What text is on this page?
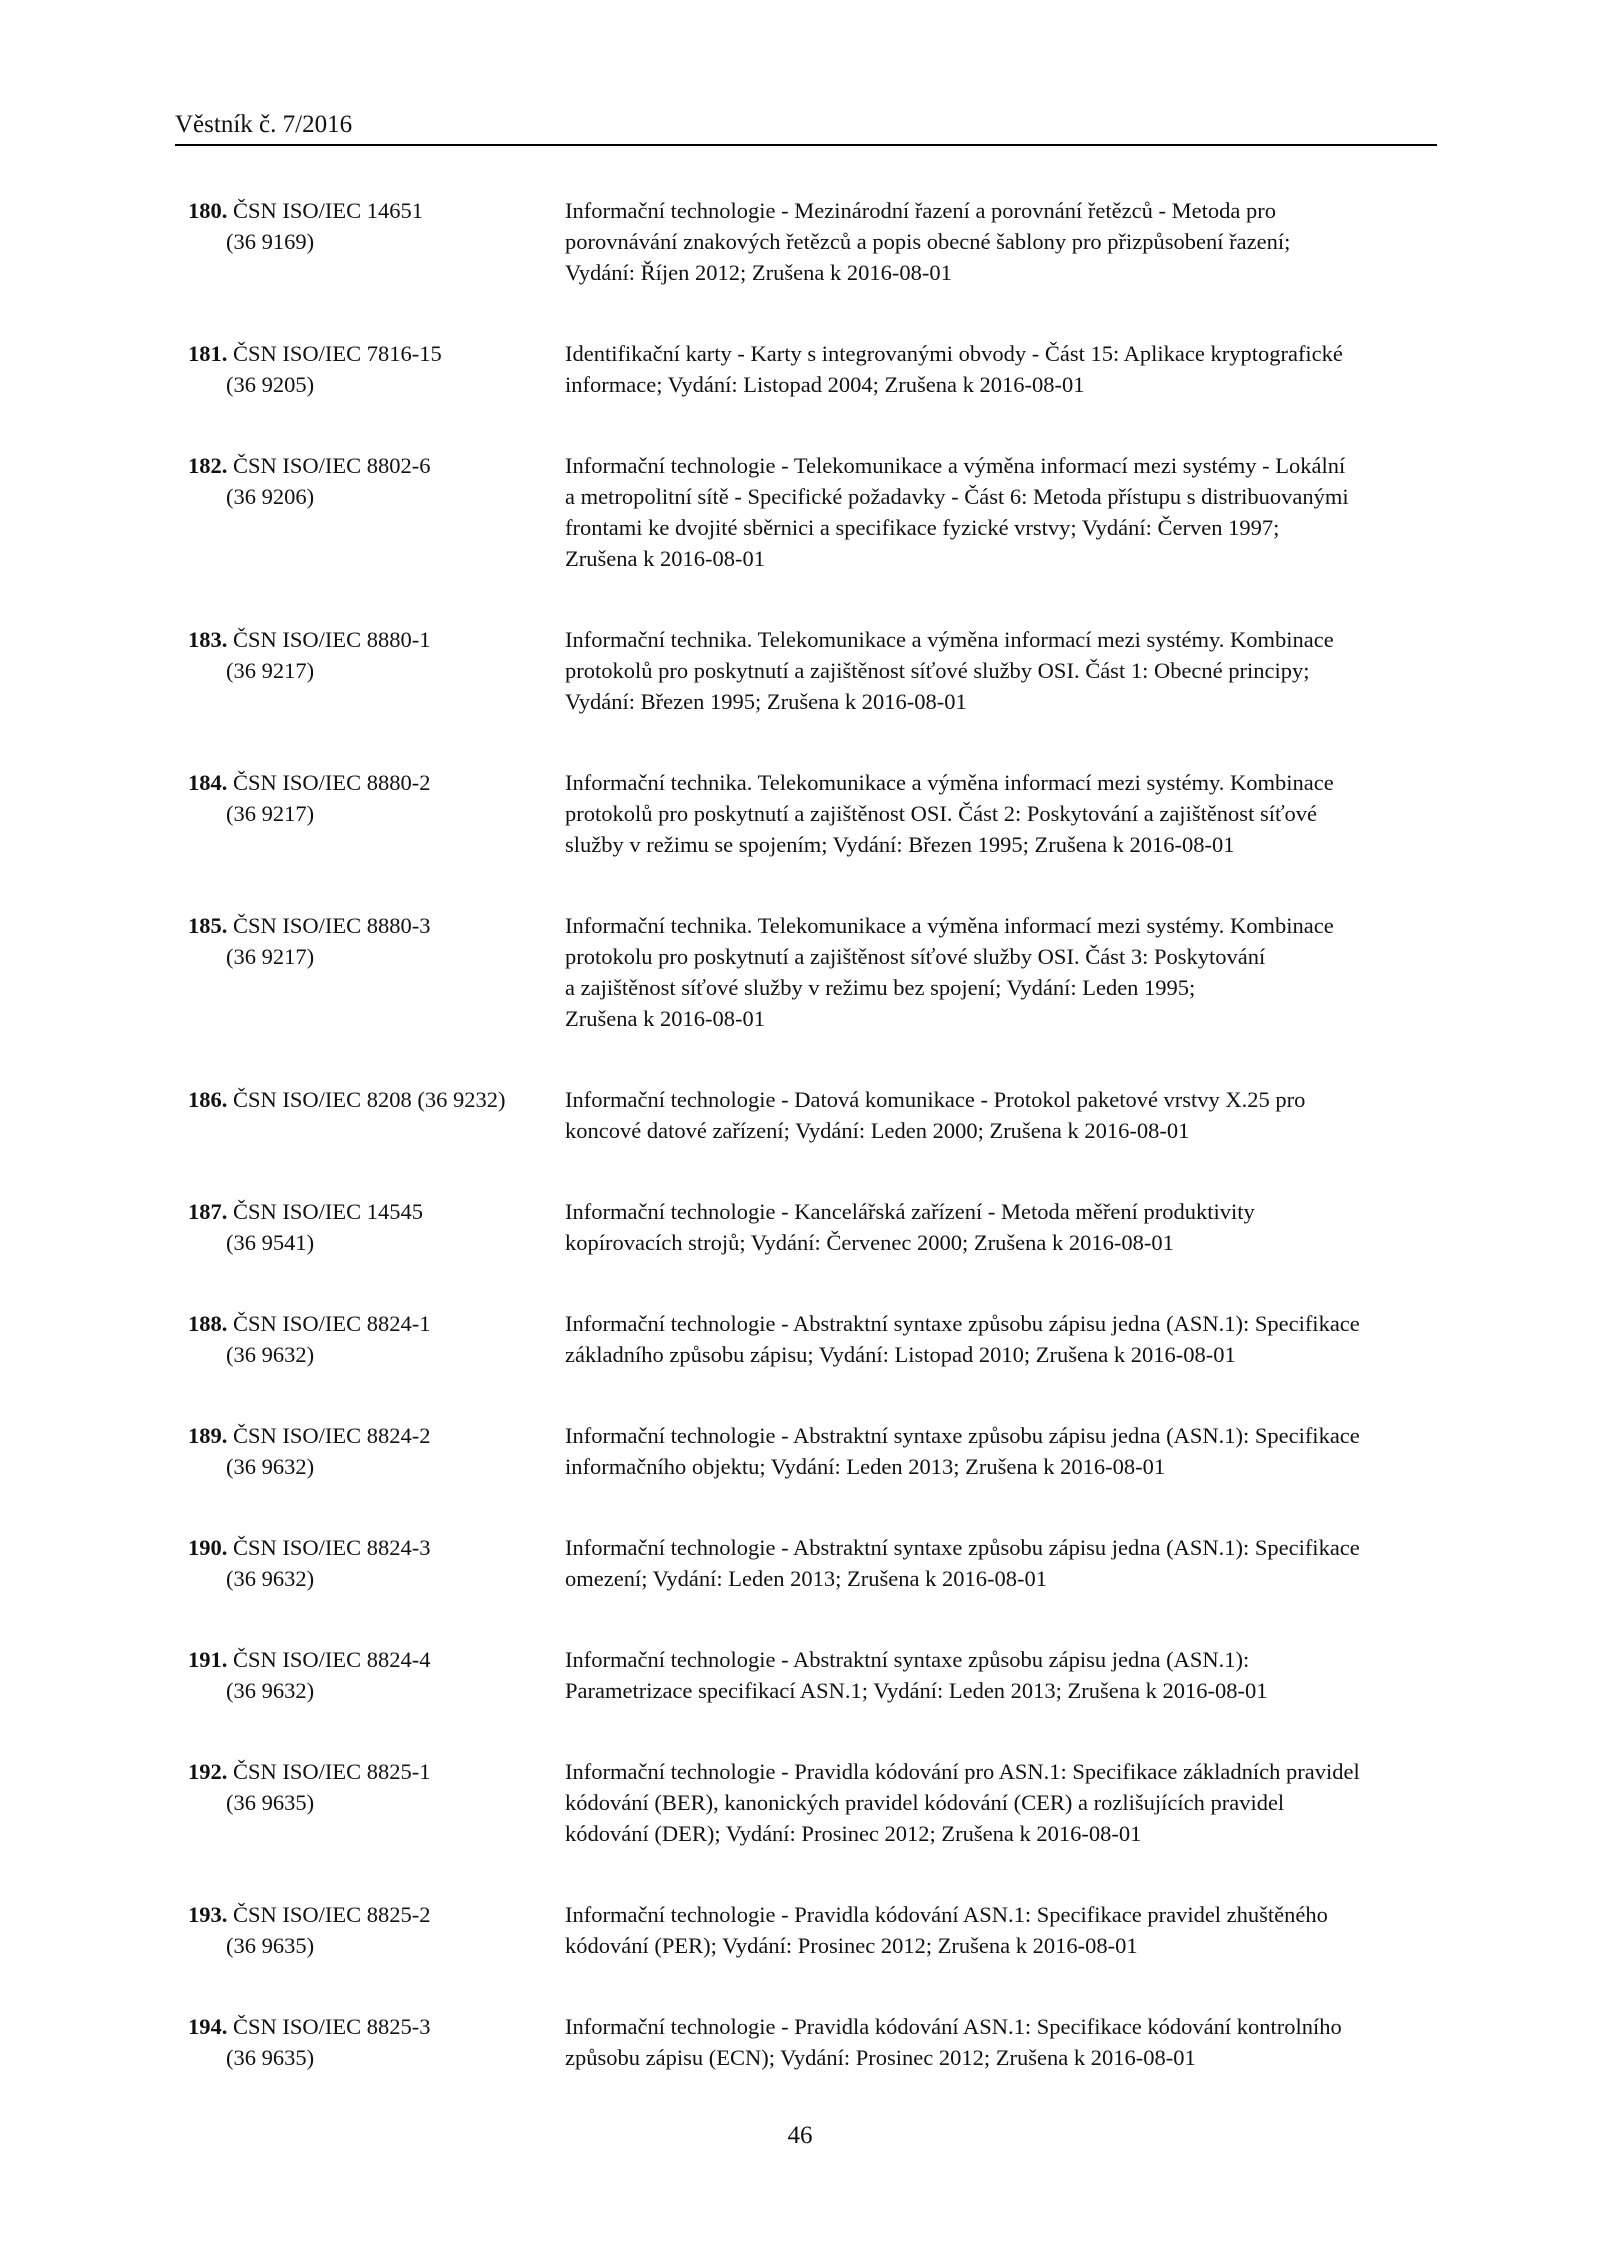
Věstník č. 7/2016
180. ČSN ISO/IEC 14651
(36 9169)
Informační technologie - Mezinárodní řazení a porovnání řetězců - Metoda pro
porovnávání znakových řetězců a popis obecné šablony pro přizpůsobení řazení;
Vydání: Říjen 2012; Zrušena k 2016-08-01
181. ČSN ISO/IEC 7816-15
(36 9205)
Identifikační karty - Karty s integrovanými obvody - Část 15: Aplikace kryptografické
informace; Vydání: Listopad 2004; Zrušena k 2016-08-01
182. ČSN ISO/IEC 8802-6
(36 9206)
Informační technologie - Telekomunikace a výměna informací mezi systémy - Lokální
a metropolitní sítě - Specifické požadavky - Část 6: Metoda přístupu s distribuovanými
frontami ke dvojité sběrnici a specifikace fyzické vrstvy; Vydání: Červen 1997;
Zrušena k 2016-08-01
183. ČSN ISO/IEC 8880-1
(36 9217)
Informační technika. Telekomunikace a výměna informací mezi systémy. Kombinace
protokolů pro poskytnutí a zajištěnost síťové služby OSI. Část 1: Obecné principy;
Vydání: Březen 1995; Zrušena k 2016-08-01
184. ČSN ISO/IEC 8880-2
(36 9217)
Informační technika. Telekomunikace a výměna informací mezi systémy. Kombinace
protokolů pro poskytnutí a zajištěnost OSI. Část 2: Poskytování a zajištěnost síťové
služby v režimu se spojením; Vydání: Březen 1995; Zrušena k 2016-08-01
185. ČSN ISO/IEC 8880-3
(36 9217)
Informační technika. Telekomunikace a výměna informací mezi systémy. Kombinace
protokolu pro poskytnutí a zajištěnost síťové služby OSI. Část 3: Poskytování
a zajištěnost síťové služby v režimu bez spojení; Vydání: Leden 1995;
Zrušena k 2016-08-01
186. ČSN ISO/IEC 8208 (36 9232)	Informační technologie - Datová komunikace - Protokol paketové vrstvy X.25 pro
koncové datové zařízení; Vydání: Leden 2000; Zrušena k 2016-08-01
187. ČSN ISO/IEC 14545
(36 9541)
Informační technologie - Kancelářská zařízení - Metoda měření produktivity
kopírovacích strojů; Vydání: Červenec 2000; Zrušena k 2016-08-01
188. ČSN ISO/IEC 8824-1
(36 9632)
Informační technologie - Abstraktní syntaxe způsobu zápisu jedna (ASN.1): Specifikace
základního způsobu zápisu; Vydání: Listopad 2010; Zrušena k 2016-08-01
189. ČSN ISO/IEC 8824-2
(36 9632)
Informační technologie - Abstraktní syntaxe způsobu zápisu jedna (ASN.1): Specifikace
informačního objektu; Vydání: Leden 2013; Zrušena k 2016-08-01
190. ČSN ISO/IEC 8824-3
(36 9632)
Informační technologie - Abstraktní syntaxe způsobu zápisu jedna (ASN.1): Specifikace
omezení; Vydání: Leden 2013; Zrušena k 2016-08-01
191. ČSN ISO/IEC 8824-4
(36 9632)
Informační technologie - Abstraktní syntaxe způsobu zápisu jedna (ASN.1):
Parametrizace specifikací ASN.1; Vydání: Leden 2013; Zrušena k 2016-08-01
192. ČSN ISO/IEC 8825-1
(36 9635)
Informační technologie - Pravidla kódování pro ASN.1: Specifikace základních pravidel
kódování (BER), kanonických pravidel kódování (CER) a rozlišujících pravidel
kódování (DER); Vydání: Prosinec 2012; Zrušena k 2016-08-01
193. ČSN ISO/IEC 8825-2
(36 9635)
Informační technologie - Pravidla kódování ASN.1: Specifikace pravidel zhuštěného
kódování (PER); Vydání: Prosinec 2012; Zrušena k 2016-08-01
194. ČSN ISO/IEC 8825-3
(36 9635)
Informační technologie - Pravidla kódování ASN.1: Specifikace kódování kontrolního
způsobu zápisu (ECN); Vydání: Prosinec 2012; Zrušena k 2016-08-01
46
